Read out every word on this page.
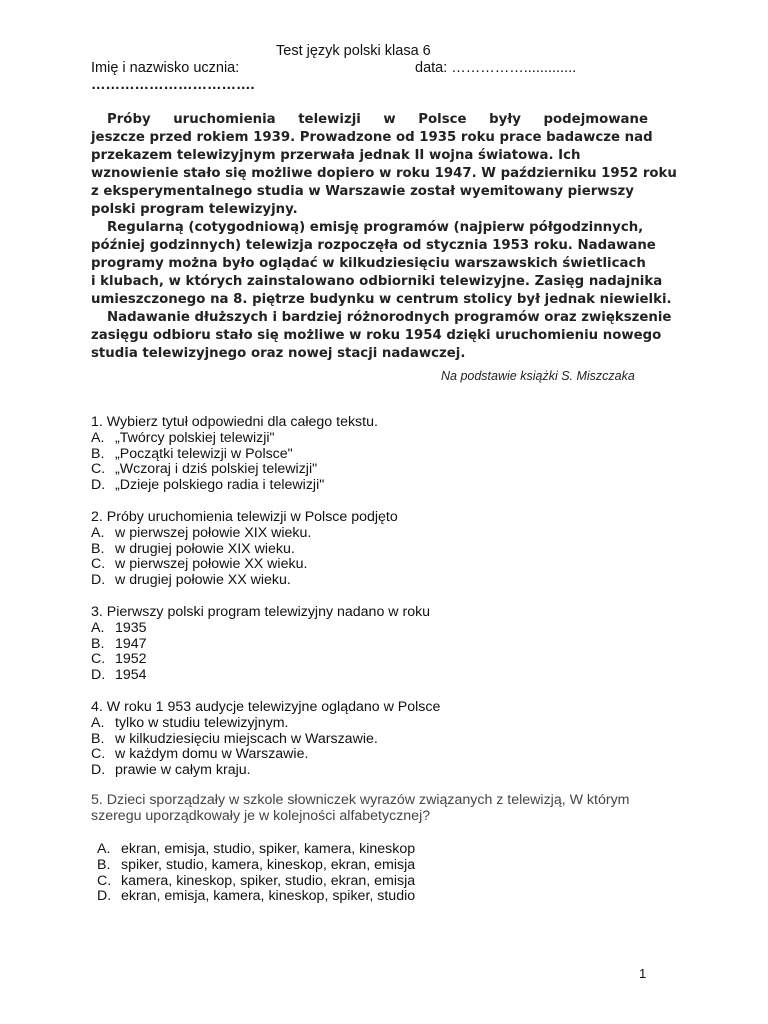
Test język polski klasa 6
Imię i nazwisko ucznia:	data: …………….............
…………………………….
Próby uruchomienia telewizji w Polsce były podejmowane
jeszcze przed rokiem 1939. Prowadzone od 1935 roku prace badawcze nad
przekazem telewizyjnym przerwała jednak II wojna światowa. Ich
wznowienie stało się możliwe dopiero w roku 1947. W październiku 1952 roku
z eksperymentalnego studia w Warszawie został wyemitowany pierwszy
polski program telewizyjny.
Regularną (cotygodniową) emisję programów (najpierw półgodzinnych,
później godzinnych) telewizja rozpoczęła od stycznia 1953 roku. Nadawane
programy można było oglądać w kilkudziesięciu warszawskich świetlicach
i klubach, w których zainstalowano odbiorniki telewizyjne. Zasięg nadajnika
umieszczonego na 8. piętrze budynku w centrum stolicy był jednak niewielki.
Nadawanie dłuższych i bardziej różnorodnych programów oraz zwiększenie
zasięgu odbioru stało się możliwe w roku 1954 dzięki uruchomieniu nowego
studia telewizyjnego oraz nowej stacji nadawczej.
Na podstawie książki S. Miszczaka
1. Wybierz tytuł odpowiedni dla całego tekstu.
A. „Twórcy polskiej telewizji"
B. „Początki telewizji w Polsce"
C. „Wczoraj i dziś polskiej telewizji"
D. „Dzieje polskiego radia i telewizji"
2. Próby uruchomienia telewizji w Polsce podjęto
A. w pierwszej połowie XIX wieku.
B. w drugiej połowie XIX wieku.
C. w pierwszej połowie XX wieku.
D. w drugiej połowie XX wieku.
3. Pierwszy polski program telewizyjny nadano w roku
A. 1935
B. 1947
C. 1952
D. 1954
4. W roku 1 953 audycje telewizyjne oglądano w Polsce
A. tylko w studiu telewizyjnym.
B. w kilkudziesięciu miejscach w Warszawie.
C. w każdym domu w Warszawie.
D. prawie w całym kraju.
5. Dzieci sporządzały w szkole słowniczek wyrazów związanych z telewizją, W którym
szeregu uporządkowały je w kolejności alfabetycznej?
A. ekran, emisja, studio, spiker, kamera, kineskop
B. spiker, studio, kamera, kineskop, ekran, emisja
C. kamera, kineskop, spiker, studio, ekran, emisja
D. ekran, emisja, kamera, kineskop, spiker, studio
1
